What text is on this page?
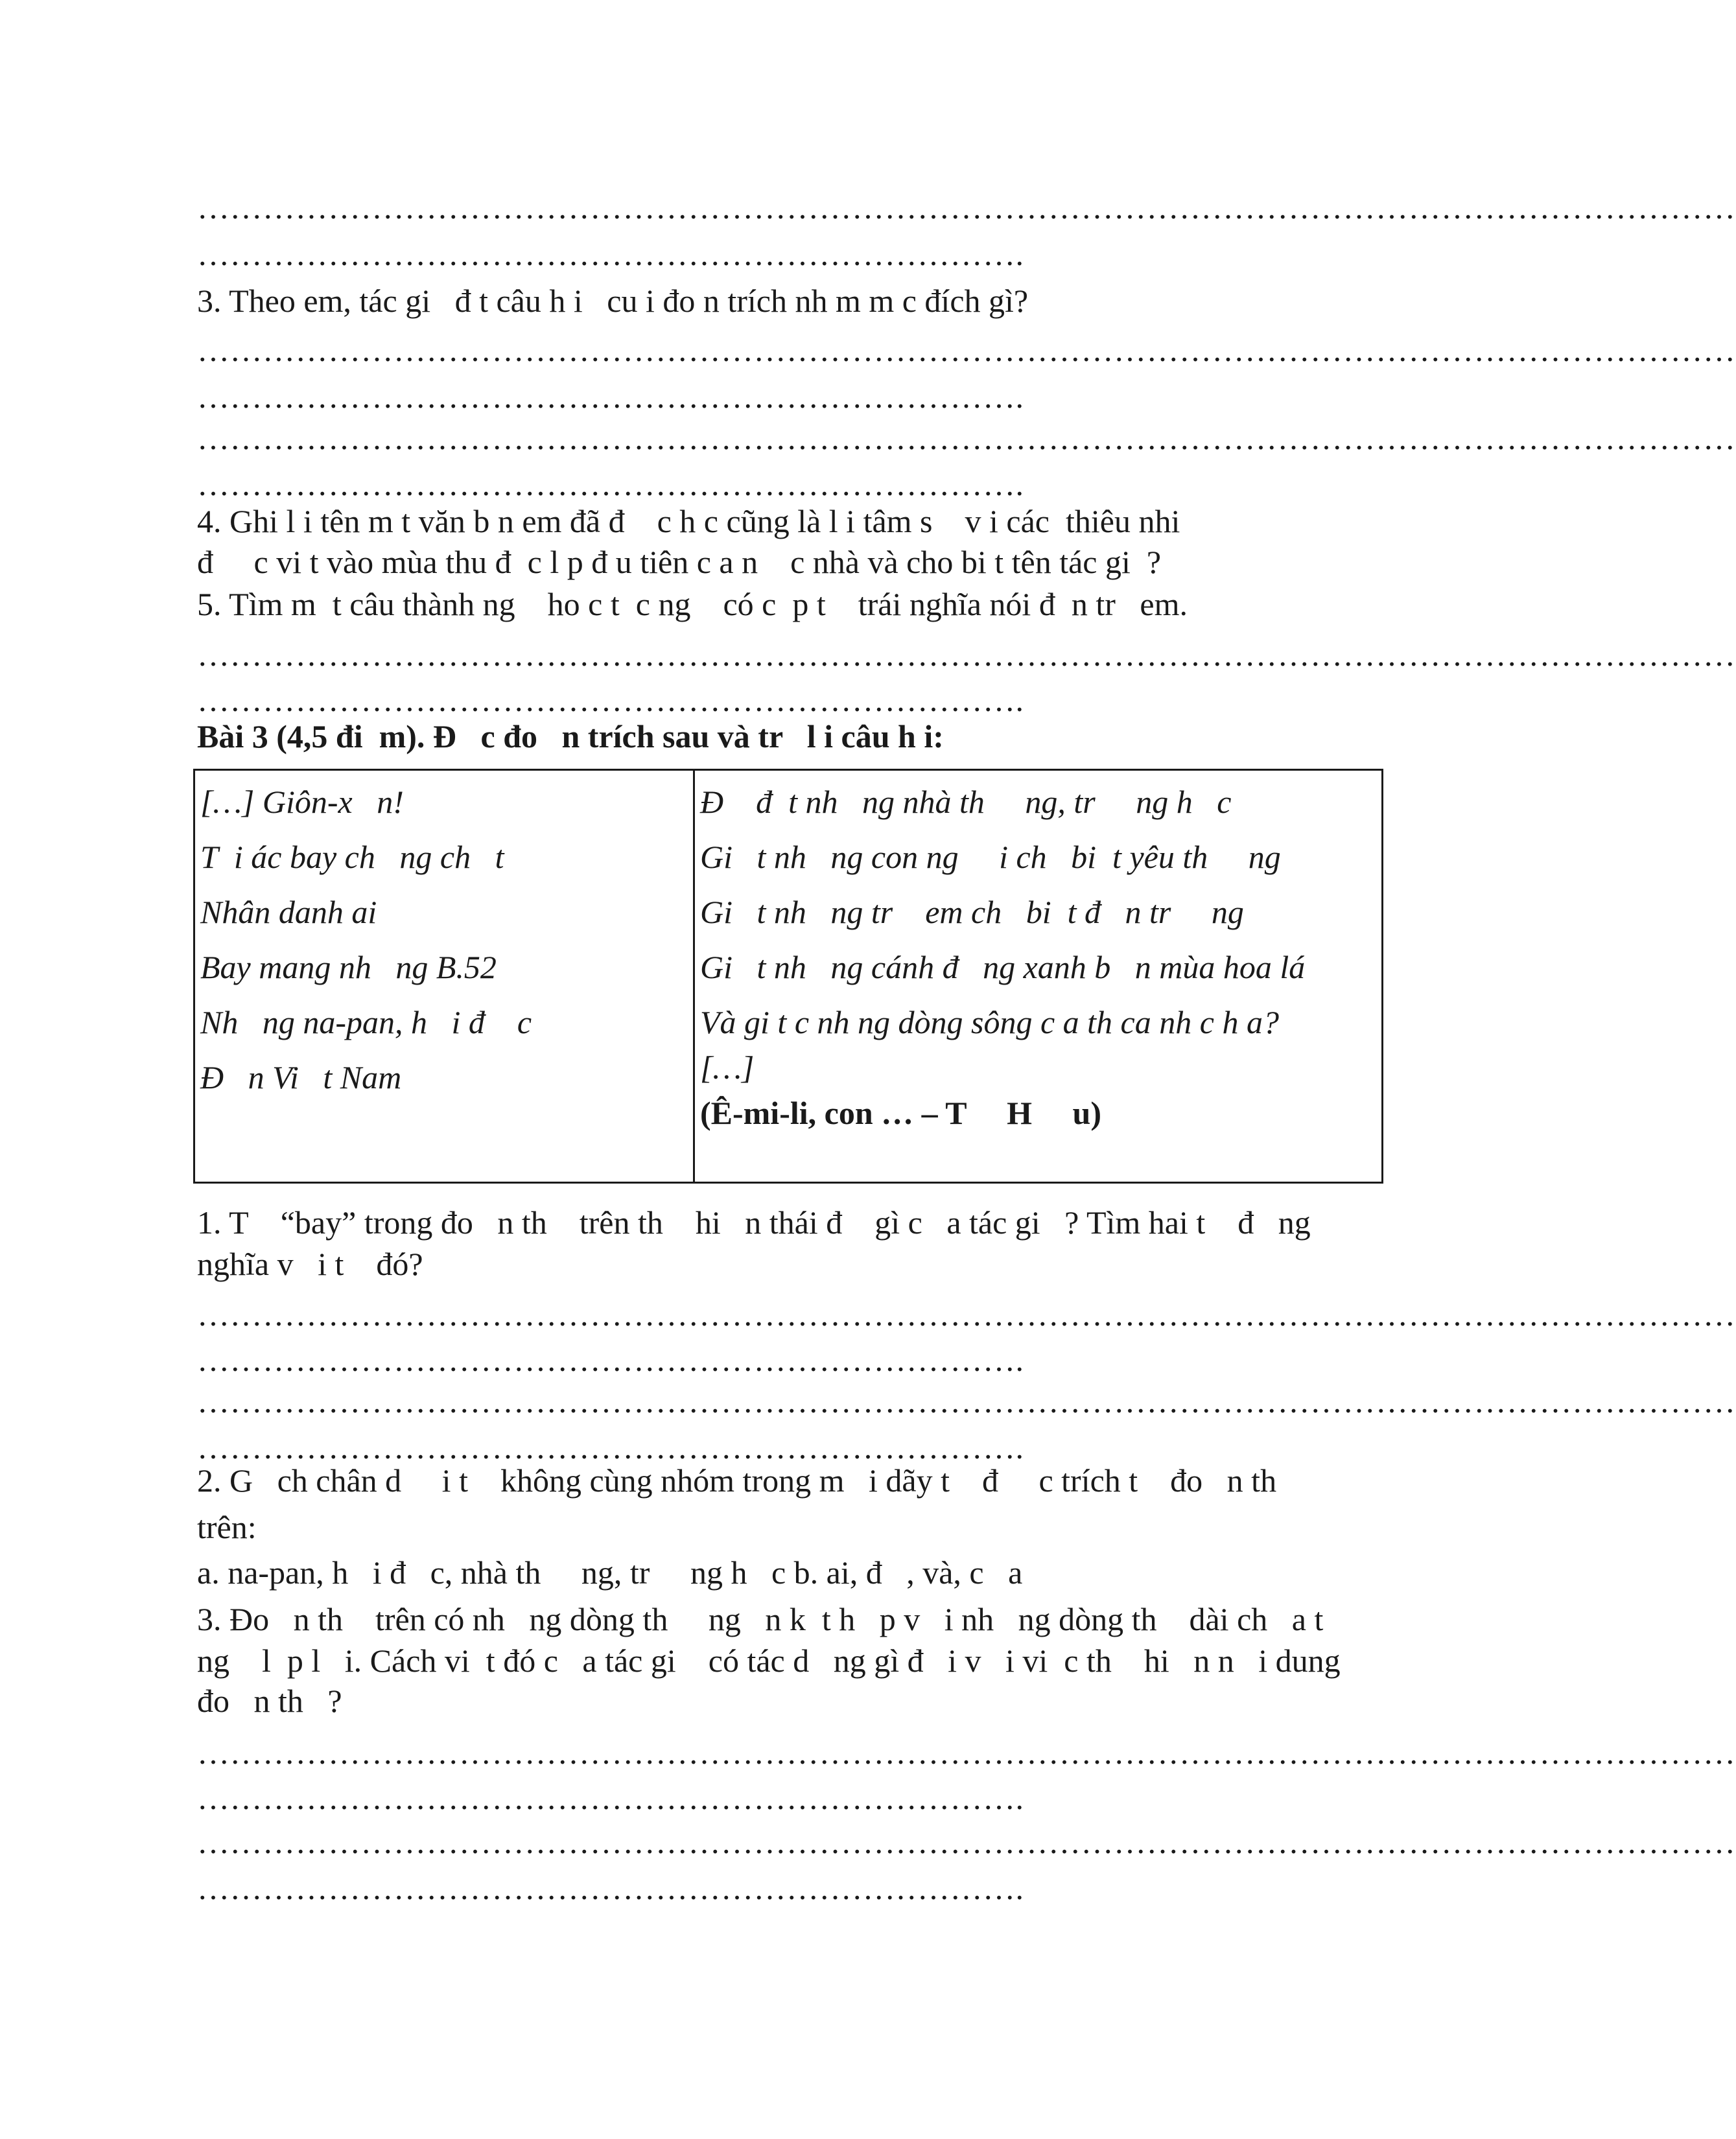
……………………………………………………………………………………………………………………………
………………………………………………………………….
3. Theo em, tác gi   đ t câu h i   cu i đo n trích nh m m c đích gì?
……………………………………………………………………………………………………………………………
………………………………………………………………….
……………………………………………………………………………………………………………………………
………………………………………………………………….
4. Ghi l i tên m t văn b n em đã đ    c h c cũng là l i tâm s    v i các  thiêu nhi
đ     c vi t vào mùa thu đ  c l p đ u tiên c a n    c nhà và cho bi t tên tác gi  ?
5. Tìm m  t câu thành ng    ho c t  c ng    có c  p t    trái nghĩa nói đ  n tr   em.
……………………………………………………………………………………………………………………………
………………………………………………………………….
Bài 3 (4,5 đi  m). Đ   c đo   n trích sau và tr   l i câu h i:
[…] Giôn-x   n!
T  i ác bay ch   ng ch   t
Nhân danh ai
Bay mang nh   ng B.52
Nh   ng na-pan, h   i đ    c
Đ   n Vi   t Nam

Đ    đ  t nh   ng nhà th     ng, tr     ng h   c
Gi   t nh   ng con ng     i ch   bi  t yêu th     ng
Gi   t nh   ng tr    em ch   bi  t đ   n tr     ng
Gi   t nh   ng cánh đ   ng xanh b   n mùa hoa lá
Và gi t c nh ng dòng sông c a th ca nh c h a?
[…]
(Ê-mi-li, con … – T     H     u)
1. T    “bay” trong đo   n th    trên th    hi   n thái đ    gì c   a tác gi   ? Tìm hai t    đ   ng
nghĩa v   i t    đó?
……………………………………………………………………………………………………………………………
………………………………………………………………….
……………………………………………………………………………………………………………………………
………………………………………………………………….
2. G   ch chân d     i t    không cùng nhóm trong m   i dãy t    đ     c trích t    đo   n th
trên:
a. na-pan, h   i đ   c, nhà th     ng, tr     ng h   c b. ai, đ   , và, c   a
3. Đo   n th    trên có nh   ng dòng th     ng   n k  t h   p v   i nh   ng dòng th    dài ch   a t
ng    l  p l   i. Cách vi  t đó c   a tác gi    có tác d   ng gì đ   i v   i vi  c th    hi   n n   i dung
đo   n th   ?
……………………………………………………………………………………………………………………………
………………………………………………………………….
……………………………………………………………………………………………………………………………
………………………………………………………………….
